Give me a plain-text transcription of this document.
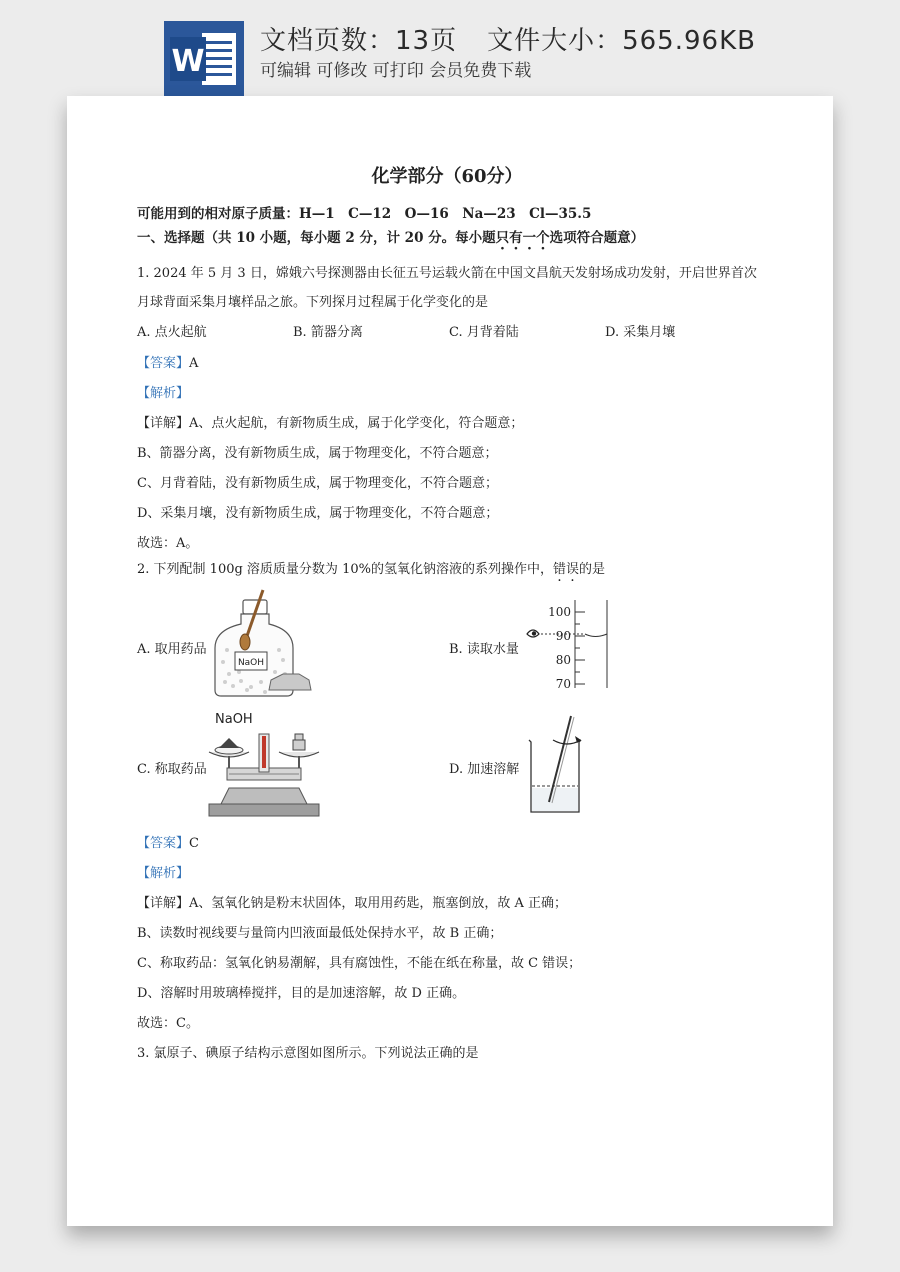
W
文档页数：13页 文件大小：565.96KB
可编辑 可修改 可打印 会员免费下载
化学部分（60分）
可能用到的相对原子质量：H—1　C—12　O—16　Na—23　Cl—35.5
一、选择题（共 10 小题，每小题 2 分，计 20 分。每小题只有一个选项符合题意）
1. 2024 年 5 月 3 日，嫦娥六号探测器由长征五号运载火箭在中国文昌航天发射场成功发射，开启世界首次
月球背面采集月壤样品之旅。下列探月过程属于化学变化的是
A. 点火起航	B. 箭器分离	C. 月背着陆	D. 采集月壤
【答案】A
【解析】
【详解】A、点火起航，有新物质生成，属于化学变化，符合题意；
B、箭器分离，没有新物质生成，属于物理变化，不符合题意；
C、月背着陆，没有新物质生成，属于物理变化，不符合题意；
D、采集月壤，没有新物质生成，属于物理变化，不符合题意；
故选：A。
2. 下列配制 100g 溶质质量分数为 10%的氢氧化钠溶液的系列操作中，错误的是
A. 取用药品
NaOH
B. 读取水量
100
90
80
70
C. 称取药品
NaOH
D. 加速溶解
【答案】C
【解析】
【详解】A、氢氧化钠是粉末状固体，取用用药匙，瓶塞倒放，故 A 正确；
B、读数时视线要与量筒内凹液面最低处保持水平，故 B 正确；
C、称取药品：氢氧化钠易潮解，具有腐蚀性，不能在纸在称量，故 C 错误；
D、溶解时用玻璃棒搅拌，目的是加速溶解，故 D 正确。
故选：C。
3. 氯原子、碘原子结构示意图如图所示。下列说法正确的是
